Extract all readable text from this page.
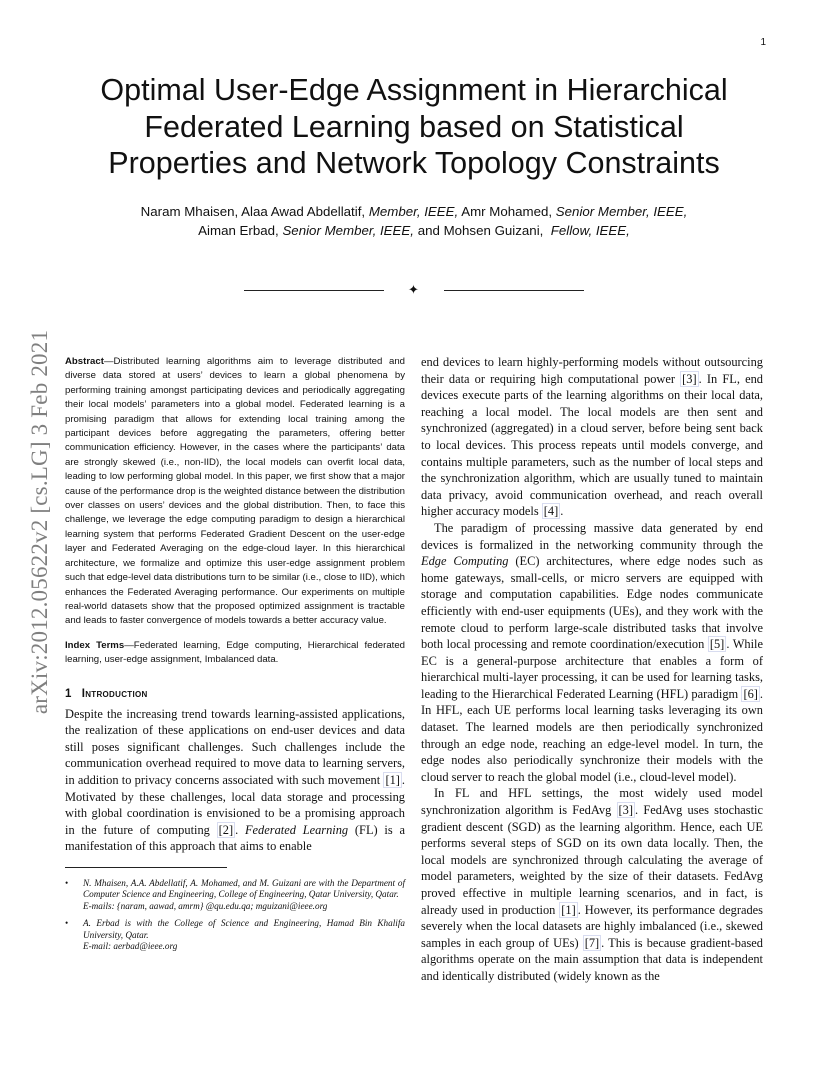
1
arXiv:2012.05622v2 [cs.LG] 3 Feb 2021
Optimal User-Edge Assignment in Hierarchical
Federated Learning based on Statistical
Properties and Network Topology Constraints
Naram Mhaisen, Alaa Awad Abdellatif, Member, IEEE, Amr Mohamed, Senior Member, IEEE,
Aiman Erbad, Senior Member, IEEE, and Mohsen Guizani, Fellow, IEEE,
✦

Abstract—Distributed learning algorithms aim to leverage distributed and diverse data stored at users’ devices to learn a global phenomena by performing training amongst participating devices and periodically aggregating their local models’ parameters into a global model. Federated learning is a promising paradigm that allows for extending local training among the participant devices before aggregating the parameters, offering better communication efficiency. However, in the cases where the participants’ data are strongly skewed (i.e., non-IID), the local models can overfit local data, leading to low performing global model. In this paper, we first show that a major cause of the performance drop is the weighted distance between the distribution over classes on users’ devices and the global distribution. Then, to face this challenge, we leverage the edge computing paradigm to design a hierarchical learning system that performs Federated Gradient Descent on the user-edge layer and Federated Averaging on the edge-cloud layer. In this hierarchical architecture, we formalize and optimize this user-edge assignment problem such that edge-level data distributions turn to be similar (i.e., close to IID), which enhances the Federated Averaging performance. Our experiments on multiple real-world datasets show that the proposed optimized assignment is tractable and leads to faster convergence of models towards a better accuracy value.

Index Terms—Federated learning, Edge computing, Hierarchical federated learning, user-edge assignment, Imbalanced data.

1 Introduction

Despite the increasing trend towards learning-assisted applications, the realization of these applications on end-user devices and data still poses significant challenges. Such challenges include the communication overhead required to move data to learning servers, in addition to privacy concerns associated with such movement [1] . Motivated by these challenges, local data storage and processing with global coordination is envisioned to be a promising approach in the future of computing [2] . Federated Learning (FL) is a manifestation of this approach that aims to enable

• N. Mhaisen, A.A. Abdellatif, A. Mohamed, and M. Guizani are with the Department of Computer Science and Engineering, College of Engineering, Qatar University, Qatar.
E-mails: {naram, aawad, amrm} @qu.edu.qa; mguizani@ieee.org
• A. Erbad is with the College of Science and Engineering, Hamad Bin Khalifa University, Qatar.
E-mail: aerbad@ieee.org

end devices to learn highly-performing models without outsourcing their data or requiring high computational power [3] . In FL, end devices execute parts of the learning algorithms on their local data, reaching a local model. The local models are then sent and synchronized (aggregated) in a cloud server, before being sent back to local devices. This process repeats until models converge, and contains multiple parameters, such as the number of local steps and the synchronization algorithm, which are usually tuned to maintain data privacy, avoid communication overhead, and reach overall higher accuracy models [4] .

The paradigm of processing massive data generated by end devices is formalized in the networking community through the Edge Computing (EC) architectures, where edge nodes such as home gateways, small-cells, or micro servers are equipped with storage and computation capabilities. Edge nodes communicate efficiently with end-user equipments (UEs), and they work with the remote cloud to perform large-scale distributed tasks that involve both local processing and remote coordination/execution [5] . While EC is a general-purpose architecture that enables a form of hierarchical multi-layer processing, it can be used for learning tasks, leading to the Hierarchical Federated Learning (HFL) paradigm [6] . In HFL, each UE performs local learning tasks leveraging its own dataset. The learned models are then periodically synchronized through an edge node, reaching an edge-level model. In turn, the edge nodes also periodically synchronize their models with the cloud server to reach the global model (i.e., cloud-level model).

In FL and HFL settings, the most widely used model synchronization algorithm is FedAvg [3] . FedAvg uses stochastic gradient descent (SGD) as the learning algorithm. Hence, each UE performs several steps of SGD on its own data locally. Then, the local models are synchronized through calculating the average of model parameters, weighted by the size of their datasets. FedAvg proved effective in multiple learning scenarios, and in fact, is already used in production [1] . However, its performance degrades severely when the local datasets are highly imbalanced (i.e., skewed samples in each group of UEs) [7] . This is because gradient-based algorithms operate on the main assumption that data is independent and identically distributed (widely known as the
